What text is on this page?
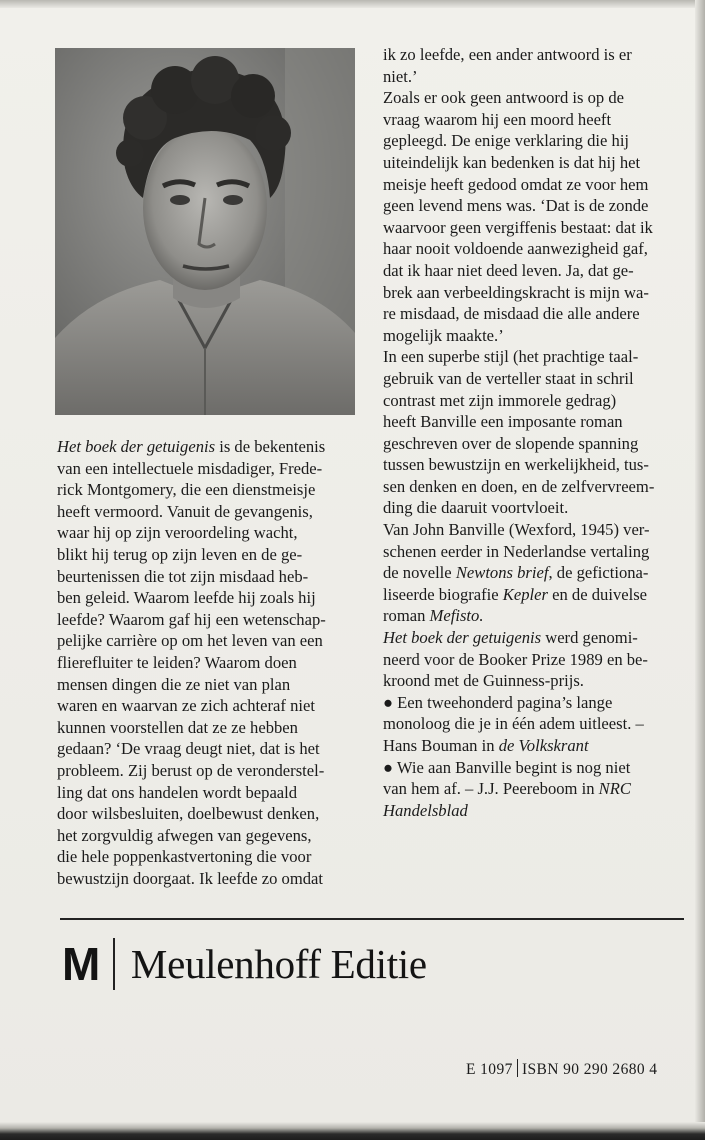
Het boek der getuigenis is de bekentenis
van een intellectuele misdadiger, Frede-
rick Montgomery, die een dienstmeisje
heeft vermoord. Vanuit de gevangenis,
waar hij op zijn veroordeling wacht,
blikt hij terug op zijn leven en de ge-
beurtenissen die tot zijn misdaad heb-
ben geleid. Waarom leefde hij zoals hij
leefde? Waarom gaf hij een wetenschap-
pelijke carrière op om het leven van een
flierefluiter te leiden? Waarom doen
mensen dingen die ze niet van plan
waren en waarvan ze zich achteraf niet
kunnen voorstellen dat ze ze hebben
gedaan? ‘De vraag deugt niet, dat is het
probleem. Zij berust op de veronderstel-
ling dat ons handelen wordt bepaald
door wilsbesluiten, doelbewust denken,
het zorgvuldig afwegen van gegevens,
die hele poppenkastvertoning die voor
bewustzijn doorgaat. Ik leefde zo omdat
ik zo leefde, een ander antwoord is er
niet.’
Zoals er ook geen antwoord is op de
vraag waarom hij een moord heeft
gepleegd. De enige verklaring die hij
uiteindelijk kan bedenken is dat hij het
meisje heeft gedood omdat ze voor hem
geen levend mens was. ‘Dat is de zonde
waarvoor geen vergiffenis bestaat: dat ik
haar nooit voldoende aanwezigheid gaf,
dat ik haar niet deed leven. Ja, dat ge-
brek aan verbeeldingskracht is mijn wa-
re misdaad, de misdaad die alle andere
mogelijk maakte.’
In een superbe stijl (het prachtige taal-
gebruik van de verteller staat in schril
contrast met zijn immorele gedrag)
heeft Banville een imposante roman
geschreven over de slopende spanning
tussen bewustzijn en werkelijkheid, tus-
sen denken en doen, en de zelfvervreem-
ding die daaruit voortvloeit.
Van John Banville (Wexford, 1945) ver-
schenen eerder in Nederlandse vertaling
de novelle Newtons brief, de gefictiona-
liseerde biografie Kepler en de duivelse
roman Mefisto.
Het boek der getuigenis werd genomi-
neerd voor de Booker Prize 1989 en be-
kroond met de Guinness-prijs.
● Een tweehonderd pagina’s lange
monoloog die je in één adem uitleest. –
Hans Bouman in de Volkskrant
● Wie aan Banville begint is nog niet
van hem af. – J.J. Peereboom in NRC
Handelsblad
M Meulenhoff Editie
E 1097 ISBN 90 290 2680 4
